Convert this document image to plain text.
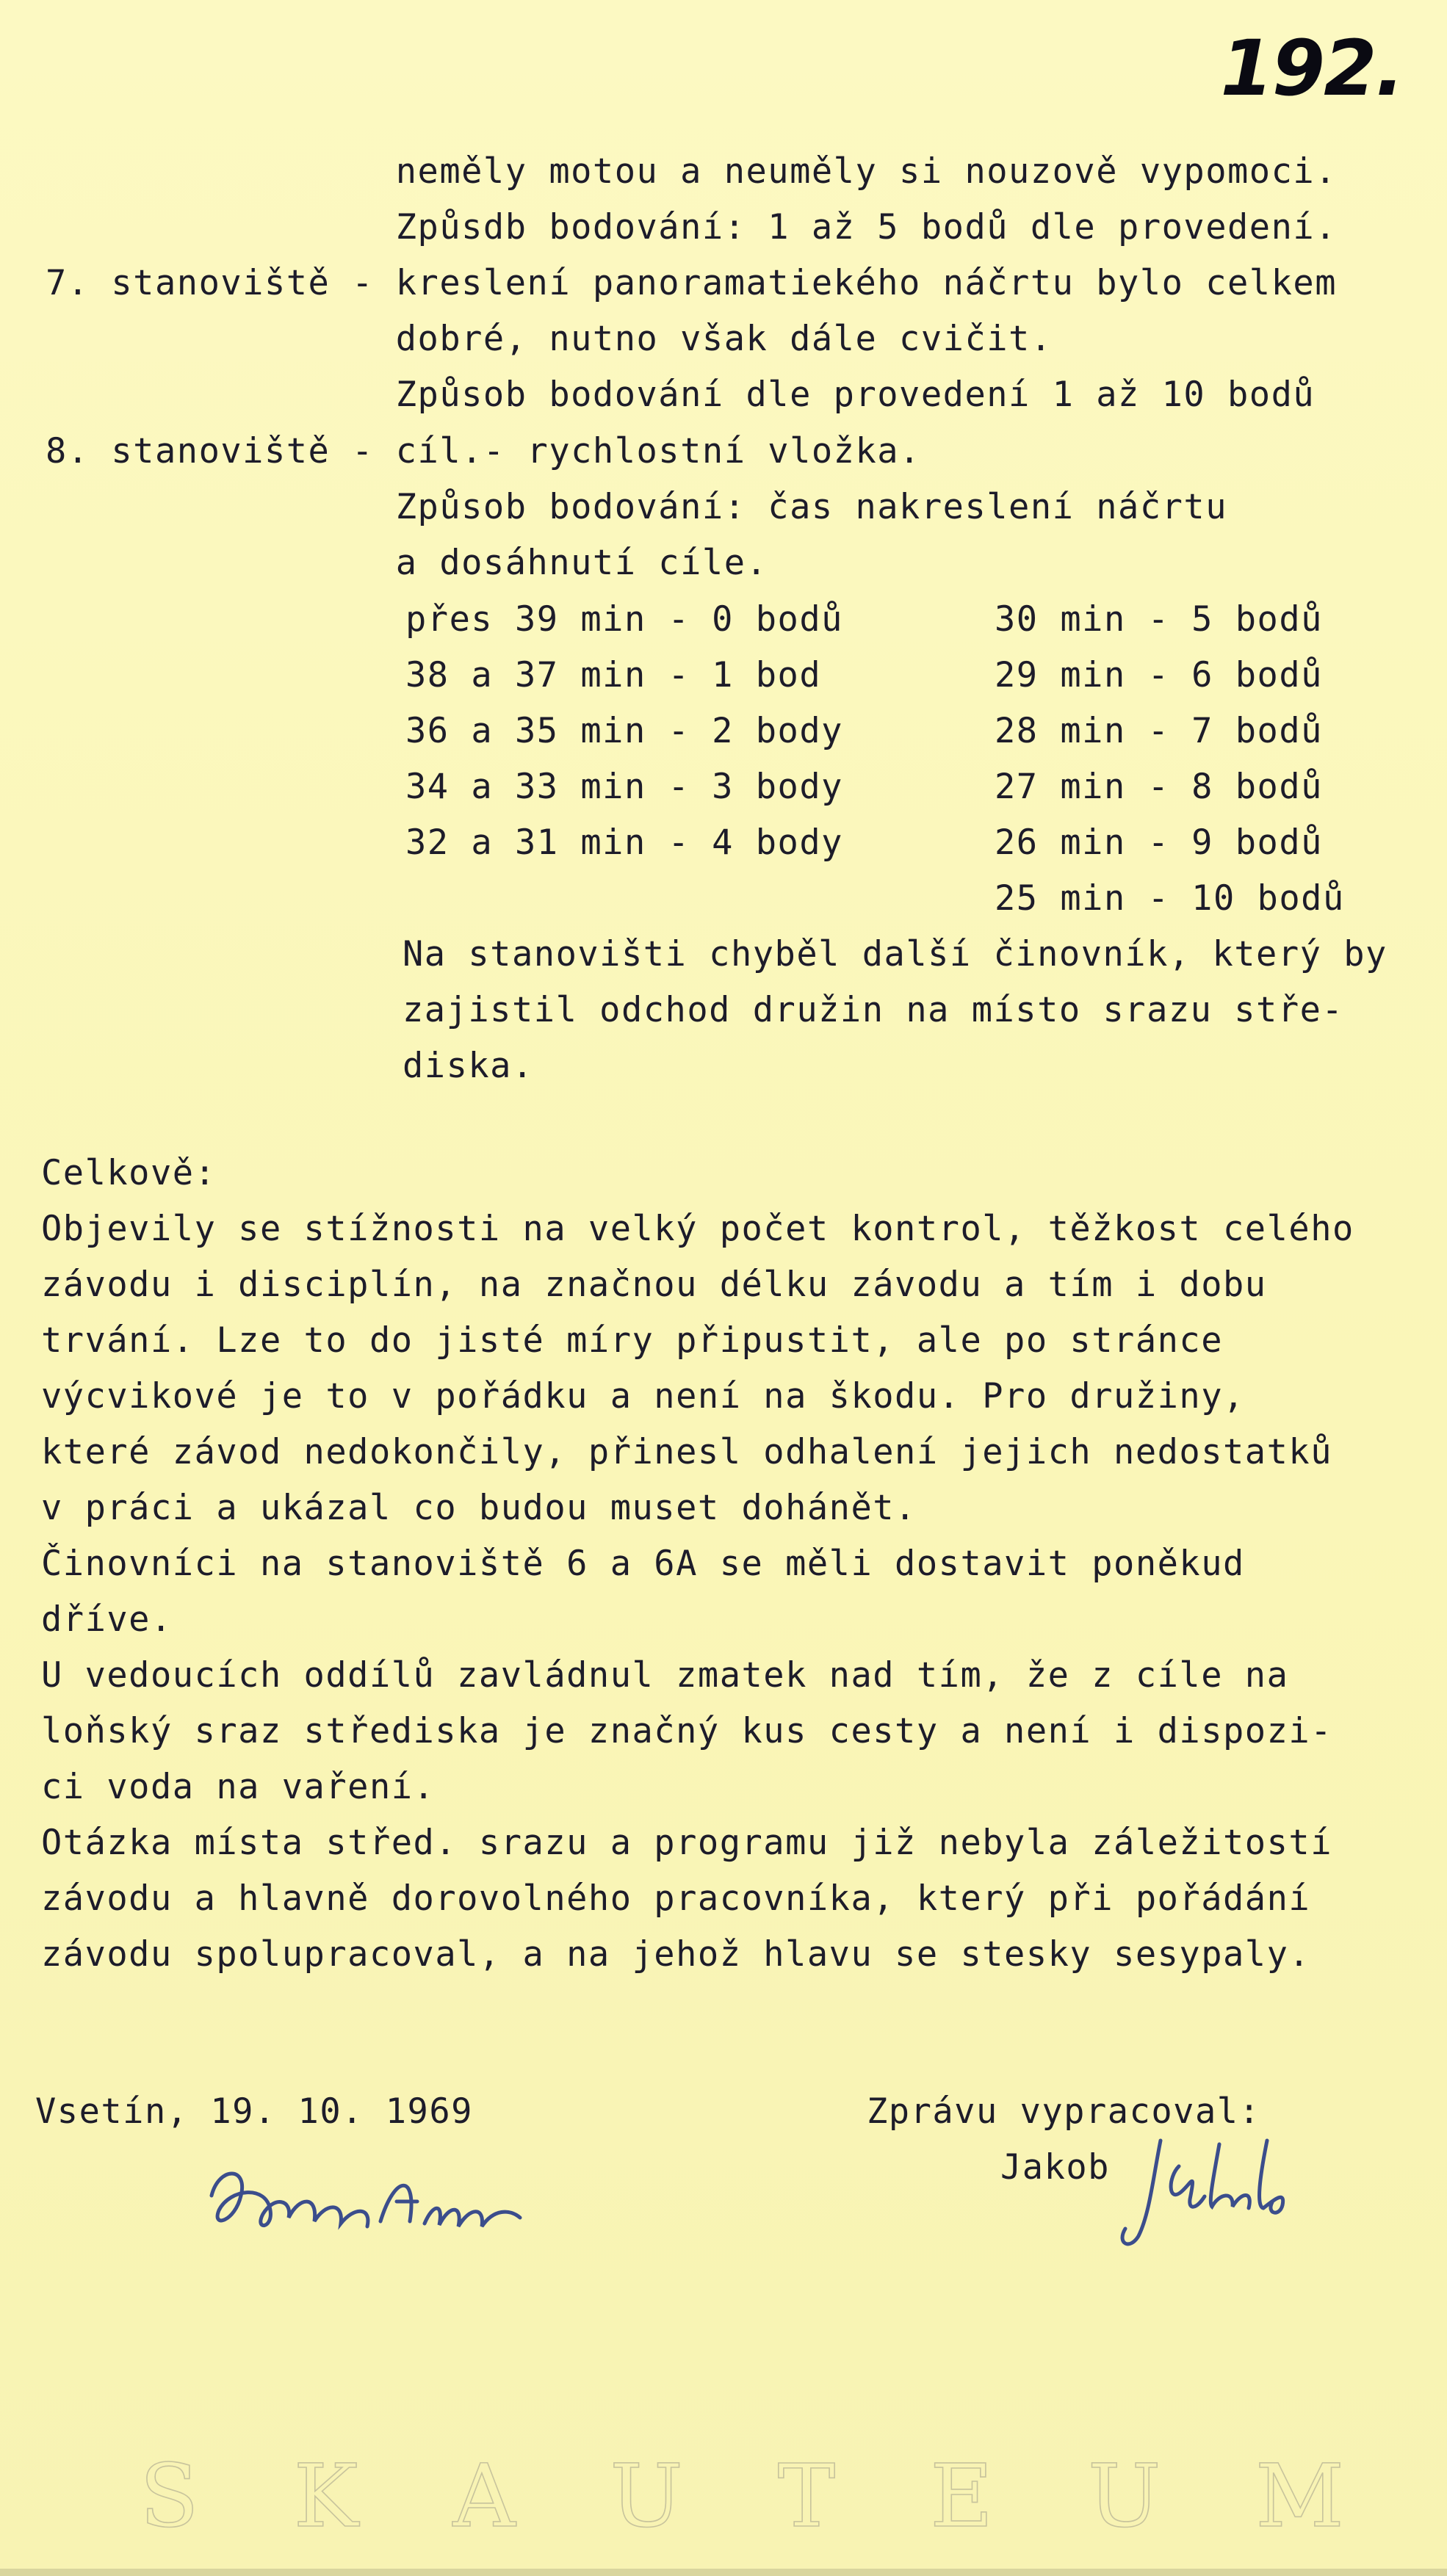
192.
neměly motou a neuměly si nouzově vypomoci.
Způsdb bodování: 1 až 5 bodů dle provedení.
7. stanoviště - kreslení panoramatiekého náčrtu bylo celkem
dobré, nutno však dále cvičit.
Způsob bodování dle provedení 1 až 10 bodů
8. stanoviště - cíl.- rychlostní vložka.
Způsob bodování: čas nakreslení náčrtu
a dosáhnutí cíle.
přes 39 min - 0 bodů
38 a 37 min - 1 bod
36 a 35 min - 2 body
34 a 33 min - 3 body
32 a 31 min - 4 body
30 min - 5 bodů
29 min - 6 bodů
28 min - 7 bodů
27 min - 8 bodů
26 min - 9 bodů
25 min - 10 bodů
Na stanovišti chyběl další činovník, který by
zajistil odchod družin na místo srazu stře-
diska.
Celkově:
Objevily se stížnosti na velký počet kontrol, těžkost celého
závodu i disciplín, na značnou délku závodu a tím i dobu
trvání. Lze to do jisté míry připustit, ale po stránce
výcvikové je to v pořádku a není na škodu. Pro družiny,
které závod nedokončily, přinesl odhalení jejich nedostatků
v práci a ukázal co budou muset dohánět.
Činovníci na stanoviště 6 a 6A se měli dostavit poněkud
dříve.
U vedoucích oddílů zavládnul zmatek nad tím, že z cíle na
loňský sraz střediska je značný kus cesty a není i dispozi-
ci voda na vaření.
Otázka místa střed. srazu a programu již nebyla záležitostí
závodu a hlavně dorovolného pracovníka, který při pořádání
závodu spolupracoval, a na jehož hlavu se stesky sesypaly.
Vsetín, 19. 10. 1969	Zprávu vypracoval:
Jakob
S K A U T E U M
